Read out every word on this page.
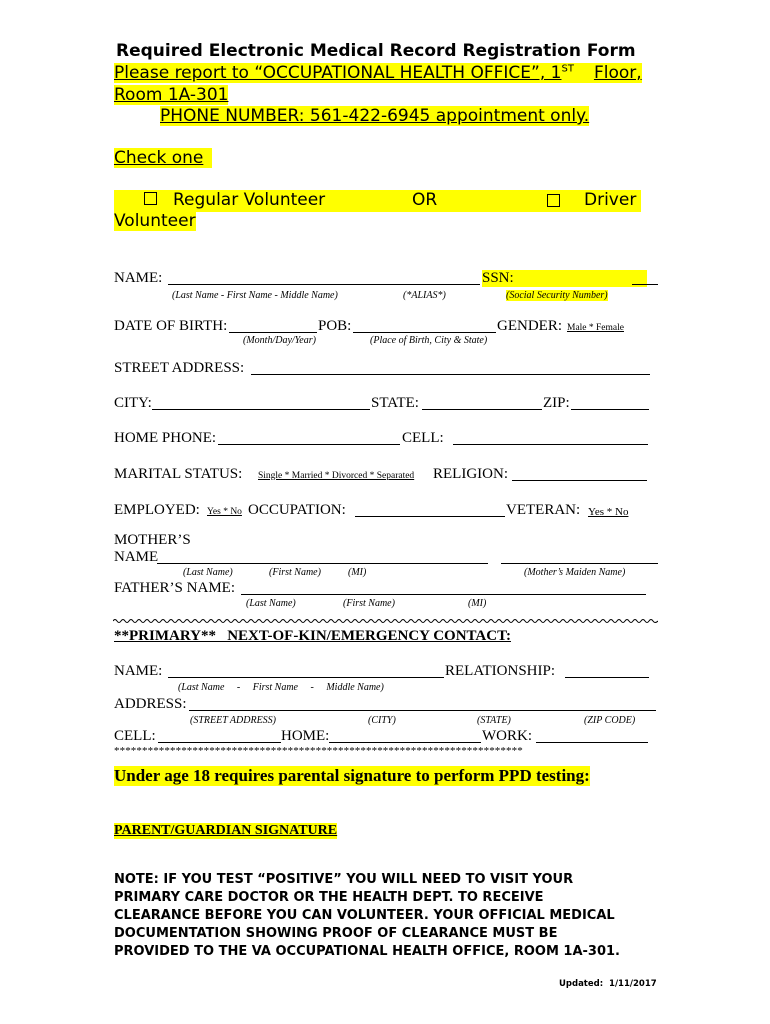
Required Electronic Medical Record Registration Form
Please report to “OCCUPATIONAL HEALTH OFFICE”, 1ST Floor,
Room 1A-301
PHONE NUMBER: 561-422-6945 appointment only.
Check one
Regular Volunteer	OR	Driver
Volunteer
NAME:	SSN:
(Last Name - First Name - Middle Name)	(*ALIAS*)	(Social Security Number)
DATE OF BIRTH:	POB:	GENDER: Male * Female
(Month/Day/Year)	(Place of Birth, City & State)
STREET ADDRESS:
CITY:	STATE:	ZIP:
HOME PHONE:	CELL:
MARITAL STATUS: Single * Married * Divorced * Separated RELIGION:
EMPLOYED: Yes * No OCCUPATION:	VETERAN: Yes * No
MOTHER’S
NAME
(Last Name)	(First Name)	(MI)	(Mother’s Maiden Name)
FATHER’S NAME:
(Last Name)	(First Name)	(MI)
**PRIMARY**   NEXT-OF-KIN/EMERGENCY CONTACT:
NAME:	RELATIONSHIP:
(Last Name     -     First Name     -     Middle Name)
ADDRESS:
(STREET ADDRESS)	(CITY)	(STATE)	(ZIP CODE)
CELL:	HOME:	WORK:
*************************************************************************
Under age 18 requires parental signature to perform PPD testing:
PARENT/GUARDIAN SIGNATURE
NOTE: IF YOU TEST “POSITIVE” YOU WILL NEED TO VISIT YOUR
PRIMARY CARE DOCTOR OR THE HEALTH DEPT. TO RECEIVE
CLEARANCE BEFORE YOU CAN VOLUNTEER. YOUR OFFICIAL MEDICAL
DOCUMENTATION SHOWING PROOF OF CLEARANCE MUST BE
PROVIDED TO THE VA OCCUPATIONAL HEALTH OFFICE, ROOM 1A-301.
Updated:  1/11/2017
